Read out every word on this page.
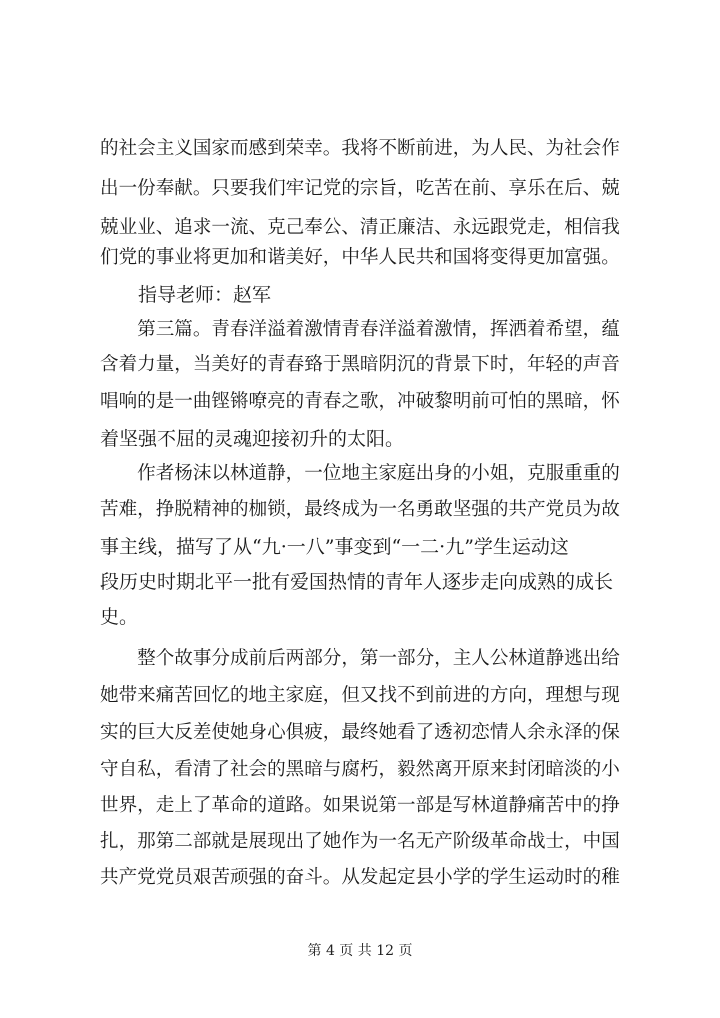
的社会主义国家而感到荣幸。我将不断前进，为人民、为社会作
出一份奉献。只要我们牢记党的宗旨，吃苦在前、享乐在后、兢
兢业业、追求一流、克己奉公、清正廉洁、永远跟党走，相信我
们党的事业将更加和谐美好，中华人民共和国将变得更加富强。
　　指导老师：赵军
　　第三篇。青春洋溢着激情青春洋溢着激情，挥洒着希望，蕴
含着力量，当美好的青春臵于黑暗阴沉的背景下时，年轻的声音
唱响的是一曲铿锵嘹亮的青春之歌，冲破黎明前可怕的黑暗，怀
着坚强不屈的灵魂迎接初升的太阳。
　　作者杨沫以林道静，一位地主家庭出身的小姐，克服重重的
苦难，挣脱精神的枷锁，最终成为一名勇敢坚强的共产党员为故
事主线，描写了从“九·一八”事变到“一二·九”学生运动这
段历史时期北平一批有爱国热情的青年人逐步走向成熟的成长
史。
　　整个故事分成前后两部分，第一部分，主人公林道静逃出给
她带来痛苦回忆的地主家庭，但又找不到前进的方向，理想与现
实的巨大反差使她身心俱疲，最终她看了透初恋情人余永泽的保
守自私，看清了社会的黑暗与腐朽，毅然离开原来封闭暗淡的小
世界，走上了革命的道路。如果说第一部是写林道静痛苦中的挣
扎，那第二部就是展现出了她作为一名无产阶级革命战士，中国
共产党党员艰苦顽强的奋斗。从发起定县小学的学生运动时的稚
第 4 页 共 12 页
